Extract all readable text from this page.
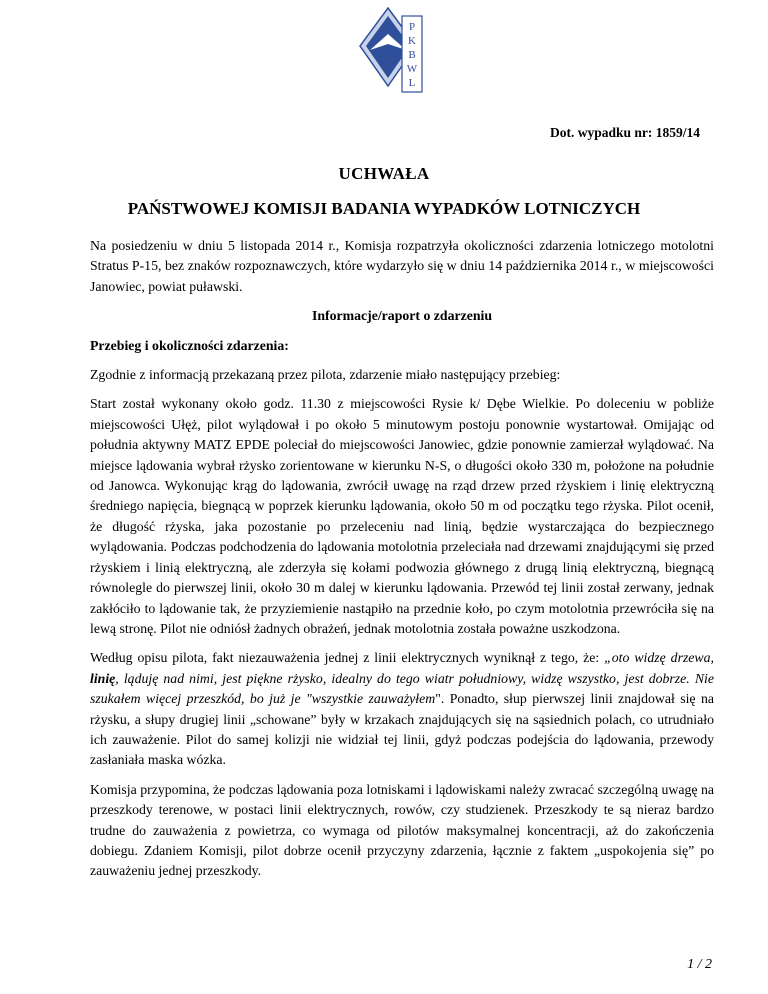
P
K
B
W
L
Dot. wypadku nr: 1859/14
UCHWAŁA
PAŃSTWOWEJ KOMISJI BADANIA WYPADKÓW LOTNICZYCH

Na posiedzeniu w dniu 5 listopada 2014 r., Komisja rozpatrzyła okoliczności zdarzenia lotniczego motolotni Stratus P-15, bez znaków rozpoznawczych, które wydarzyło się w dniu 14 października 2014 r., w miejscowości Janowiec, powiat puławski.

Informacje/raport o zdarzeniu

Przebieg i okoliczności zdarzenia:

Zgodnie z informacją przekazaną przez pilota, zdarzenie miało następujący przebieg:

Start został wykonany około godz. 11.30 z miejscowości Rysie k/ Dębe Wielkie. Po doleceniu w pobliże miejscowości Ułęż, pilot wylądował i po około 5 minutowym postoju ponownie wystartował. Omijając od południa aktywny MATZ EPDE poleciał do miejscowości Janowiec, gdzie ponownie zamierzał wylądować. Na miejsce lądowania wybrał rżysko zorientowane w kierunku N-S, o długości około 330 m, położone na południe od Janowca. Wykonując krąg do lądowania, zwrócił uwagę na rząd drzew przed rżyskiem i linię elektryczną średniego napięcia, biegnącą w poprzek kierunku lądowania, około 50 m od początku tego rżyska. Pilot ocenił, że długość rżyska, jaka pozostanie po przeleceniu nad linią, będzie wystarczająca do bezpiecznego wylądowania. Podczas podchodzenia do lądowania motolotnia przeleciała nad drzewami znajdującymi się przed rżyskiem i linią elektryczną, ale zderzyła się kołami podwozia głównego z drugą linią elektryczną, biegnącą równolegle do pierwszej linii, około 30 m dalej w kierunku lądowania. Przewód tej linii został zerwany, jednak zakłóciło to lądowanie tak, że przyziemienie nastąpiło na przednie koło, po czym motolotnia przewróciła się na lewą stronę. Pilot nie odniósł żadnych obrażeń, jednak motolotnia została poważne uszkodzona.

Według opisu pilota, fakt niezauważenia jednej z linii elektrycznych wyniknął z tego, że: „oto widzę drzewa, linię, ląduję nad nimi, jest piękne rżysko, idealny do tego wiatr południowy, widzę wszystko, jest dobrze. Nie szukałem więcej przeszkód, bo już je "wszystkie zauważyłem". Ponadto, słup pierwszej linii znajdował się na rżysku, a słupy drugiej linii „schowane” były w krzakach znajdujących się na sąsiednich polach, co utrudniało ich zauważenie. Pilot do samej kolizji nie widział tej linii, gdyż podczas podejścia do lądowania, przewody zasłaniała maska wózka.

Komisja przypomina, że podczas lądowania poza lotniskami i lądowiskami należy zwracać szczególną uwagę na przeszkody terenowe, w postaci linii elektrycznych, rowów, czy studzienek. Przeszkody te są nieraz bardzo trudne do zauważenia z powietrza, co wymaga od pilotów maksymalnej koncentracji, aż do zakończenia dobiegu. Zdaniem Komisji, pilot dobrze ocenił przyczyny zdarzenia, łącznie z faktem „uspokojenia się” po zauważeniu jednej przeszkody.

1 / 2
